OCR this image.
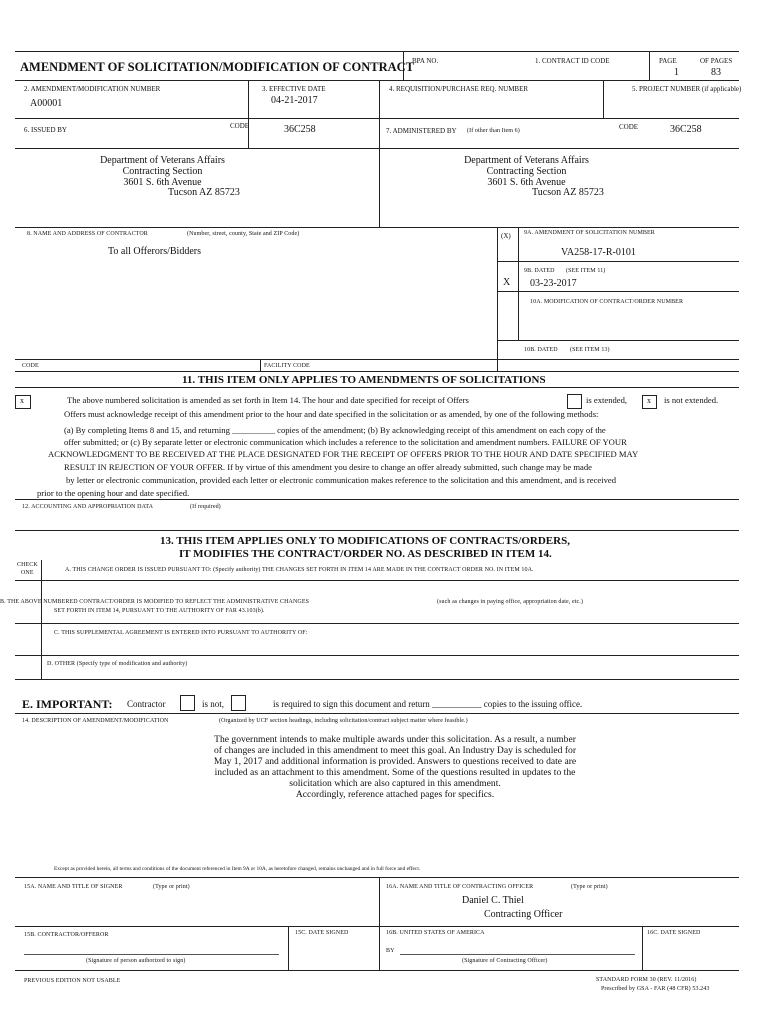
AMENDMENT OF SOLICITATION/MODIFICATION OF CONTRACT
BPA NO.	1. CONTRACT ID CODE	PAGE	OF PAGES
1	83
2. AMENDMENT/MODIFICATION NUMBER
A00001
3. EFFECTIVE DATE
04-21-2017
4. REQUISITION/PURCHASE REQ. NUMBER	5. PROJECT NUMBER (if applicable)
6. ISSUED BY	CODE	36C258	7. ADMINISTERED BY (If other than Item 6)	CODE	36C258
Department of Veterans Affairs
Contracting Section
3601 S. 6th Avenue
Tucson AZ 85723
Department of Veterans Affairs
Contracting Section
3601 S. 6th Avenue
Tucson AZ 85723
8. NAME AND ADDRESS OF CONTRACTOR	(Number, street, county, State and ZIP Code)
To all Offerors/Bidders
(X) 9A. AMENDMENT OF SOLICITATION NUMBER
VA258-17-R-0101
9B. DATED (SEE ITEM 11)
X 03-23-2017
10A. MODIFICATION OF CONTRACT/ORDER NUMBER
10B. DATED (SEE ITEM 13)
CODE	FACILITY CODE
11. THIS ITEM ONLY APPLIES TO AMENDMENTS OF SOLICITATIONS
x	The above numbered solicitation is amended as set forth in Item 14. The hour and date specified for receipt of Offers	is extended, x is not extended.
Offers must acknowledge receipt of this amendment prior to the hour and date specified in the solicitation or as amended, by one of the following methods:
(a) By completing Items 8 and 15, and returning __________ copies of the amendment; (b) By acknowledging receipt of this amendment on each copy of the
offer submitted; or (c) By separate letter or electronic communication which includes a reference to the solicitation and amendment numbers. FAILURE OF YOUR
ACKNOWLEDGMENT TO BE RECEIVED AT THE PLACE DESIGNATED FOR THE RECEIPT OF OFFERS PRIOR TO THE HOUR AND DATE SPECIFIED MAY
RESULT IN REJECTION OF YOUR OFFER. If by virtue of this amendment you desire to change an offer already submitted, such change may be made
by letter or electronic communication, provided each letter or electronic communication makes reference to the solicitation and this amendment, and is received
prior to the opening hour and date specified.
12. ACCOUNTING AND APPROPRIATION DATA	(If required)
13. THIS ITEM APPLIES ONLY TO MODIFICATIONS OF CONTRACTS/ORDERS,
IT MODIFIES THE CONTRACT/ORDER NO. AS DESCRIBED IN ITEM 14.
CHECK
ONE	A. THIS CHANGE ORDER IS ISSUED PURSUANT TO: (Specify authority) THE CHANGES SET FORTH IN ITEM 14 ARE MADE IN THE CONTRACT ORDER NO. IN ITEM 10A.
B. THE ABOVE NUMBERED CONTRACT/ORDER IS MODIFIED TO REFLECT THE ADMINISTRATIVE CHANGES	(such as changes in paying office, appropriation date, etc.)
SET FORTH IN ITEM 14, PURSUANT TO THE AUTHORITY OF FAR 43.103(b).
C. THIS SUPPLEMENTAL AGREEMENT IS ENTERED INTO PURSUANT TO AUTHORITY OF:
D. OTHER (Specify type of modification and authority)
E. IMPORTANT: Contractor	is not,	is required to sign this document and return ___________ copies to the issuing office.
14. DESCRIPTION OF AMENDMENT/MODIFICATION	(Organized by UCF section headings, including solicitation/contract subject matter where feasible.)
The government intends to make multiple awards under this solicitation. As a result, a number
of changes are included in this amendment to meet this goal. An Industry Day is scheduled for
May 1, 2017 and additional information is provided. Answers to questions received to date are
included as an attachment to this amendment. Some of the questions resulted in updates to the
solicitation which are also captured in this amendment.
Accordingly, reference attached pages for specifics.
Except as provided herein, all terms and conditions of the document referenced in Item 9A or 10A, as heretofore changed, remains unchanged and in full force and effect.
15A. NAME AND TITLE OF SIGNER	(Type or print)	16A. NAME AND TITLE OF CONTRACTING OFFICER	(Type or print)
Daniel C. Thiel
Contracting Officer
15B. CONTRACTOR/OFFEROR	15C. DATE SIGNED	16B. UNITED STATES OF AMERICA	16C. DATE SIGNED
BY
(Signature of person authorized to sign)	(Signature of Contracting Officer)
PREVIOUS EDITION NOT USABLE	STANDARD FORM 30 (REV. 11/2016)
Prescribed by GSA - FAR (48 CFR) 53.243
